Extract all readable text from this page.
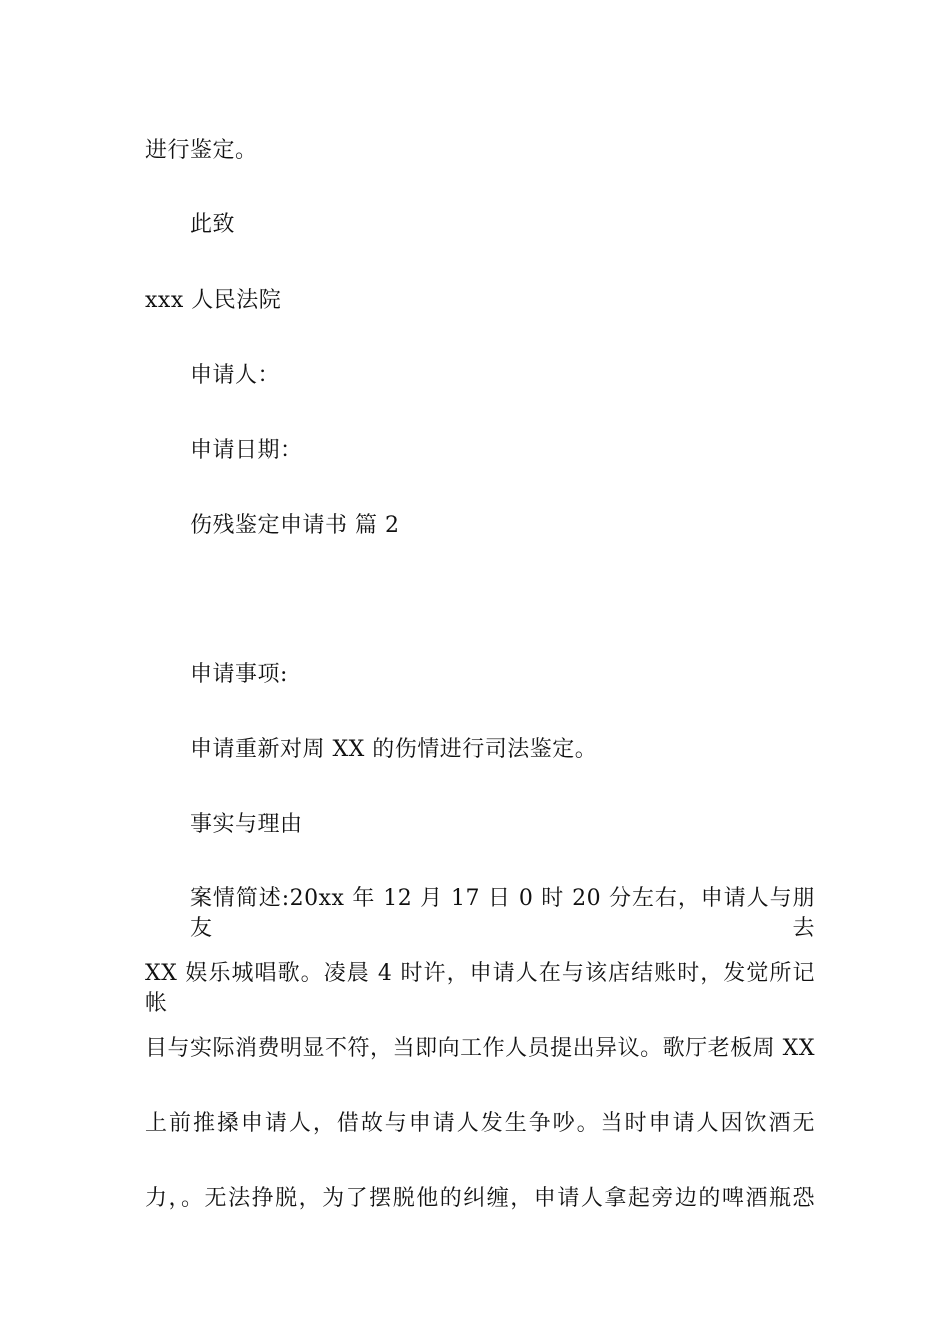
进行鉴定。
此致
xxx 人民法院
申请人：
申请日期：
伤残鉴定申请书 篇 2
申请事项:
申请重新对周 XX 的伤情进行司法鉴定。
事实与理由
案情简述:20xx 年 12 月 17 日 0 时 20 分左右，申请人与朋友去
XX 娱乐城唱歌。凌晨 4 时许，申请人在与该店结账时，发觉所记帐
目与实际消费明显不符，当即向工作人员提出异议。歌厅老板周 XX
上前推搡申请人，借故与申请人发生争吵。当时申请人因饮酒无
力，。无法挣脱，为了摆脱他的纠缠，申请人拿起旁边的啤酒瓶恐
